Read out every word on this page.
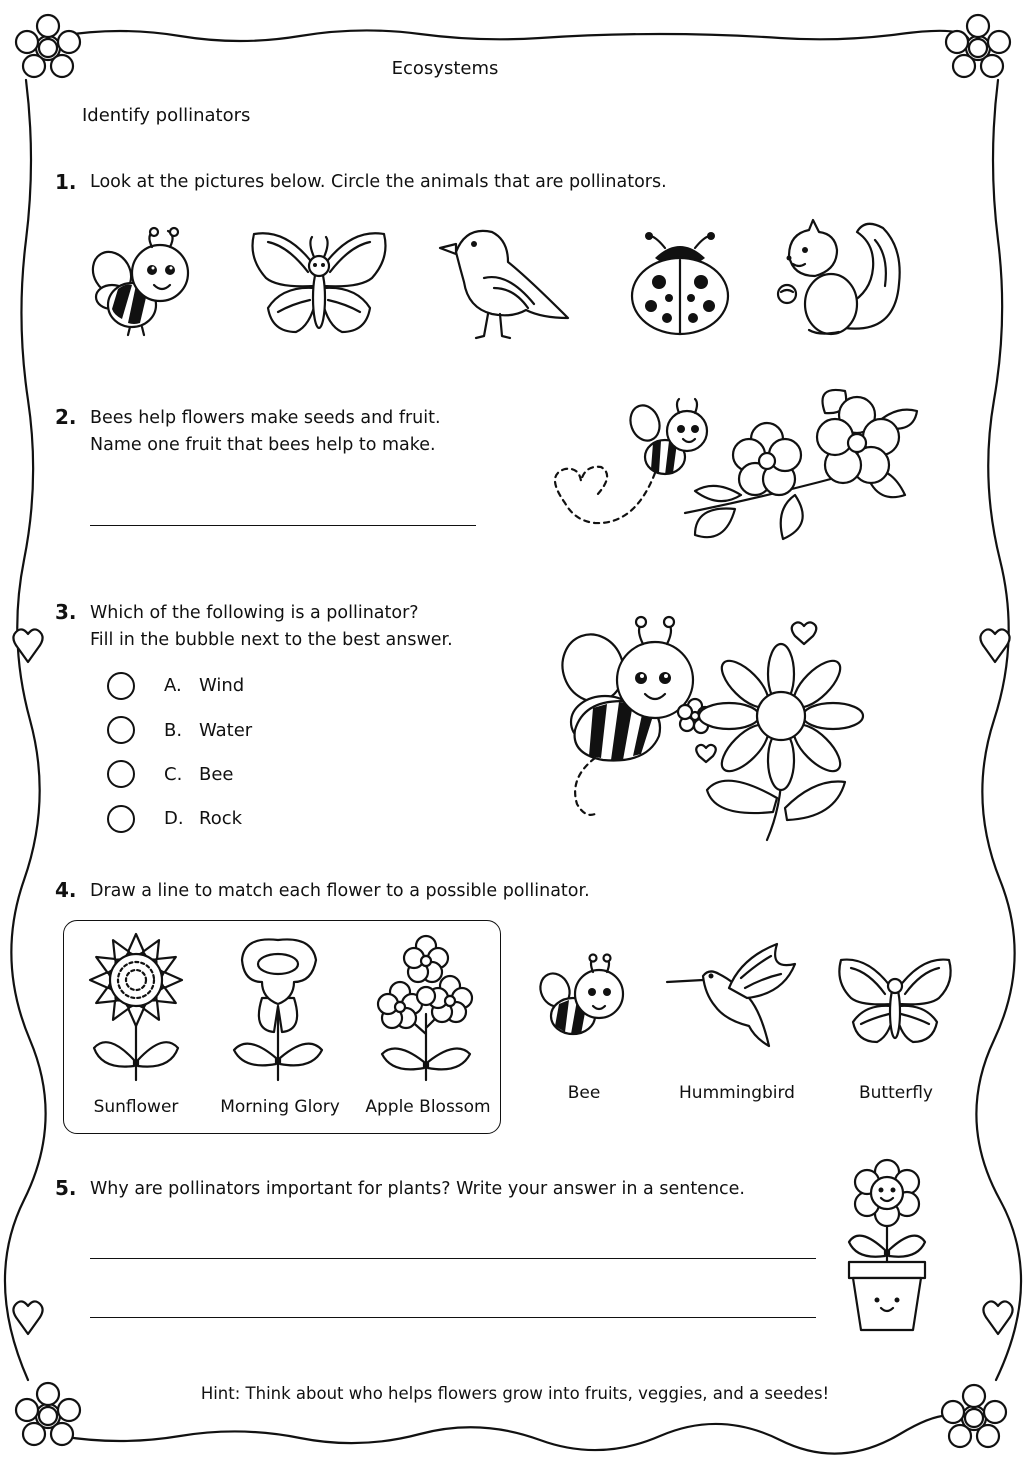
Ecosystems
Identify pollinators
1. Look at the pictures below. Circle the animals that are pollinators.
2. Bees help flowers make seeds and fruit.
Name one fruit that bees help to make.
3. Which of the following is a pollinator?
Fill in the bubble next to the best answer.
A. Wind
B. Water
C. Bee
D. Rock
4. Draw a line to match each flower to a possible pollinator.
Sunflower	Morning Glory	Apple Blossom
Bee	Hummingbird	Butterfly
5. Why are pollinators important for plants? Write your answer in a sentence.
Hint: Think about who helps flowers grow into fruits, veggies, and a seedes!
